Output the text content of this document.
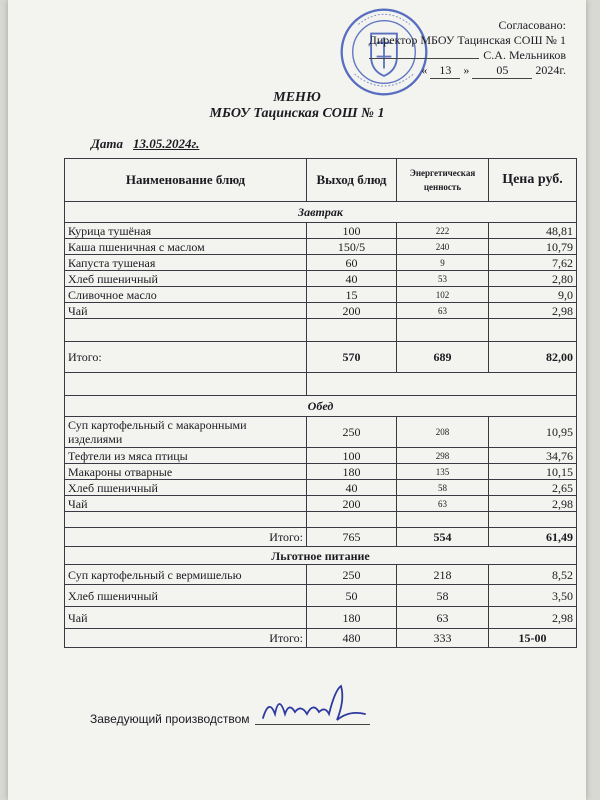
Согласовано:
Директор МБОУ Тацинская СОШ № 1
С.А. Мельников
« 13 » 05 2024г.
МЕНЮ
МБОУ Тацинская СОШ № 1
Дата 13.05.2024г.
Наименование блюд	Выход блюд	Энергетическая ценность	Цена руб.
Завтрак			
Курица тушёная	100	222	48,81
Каша пшеничная с маслом	150/5	240	10,79
Капуста тушеная	60	9	7,62
Хлеб пшеничный	40	53	2,80
Сливочное масло	15	102	9,0
Чай	200	63	2,98

Итого:	570	689	82,00

Обед			
Суп картофельный с макаронными изделиями	250	208	10,95
Тефтели из мяса птицы	100	298	34,76
Макароны отварные	180	135	10,15
Хлеб пшеничный	40	58	2,65
Чай	200	63	2,98

Итого:	765	554	61,49
Льготное питание			
Суп картофельный с вермишелью	250	218	8,52
Хлеб пшеничный	50	58	3,50
Чай	180	63	2,98
Итого:	480	333	15-00
Заведующий производством
